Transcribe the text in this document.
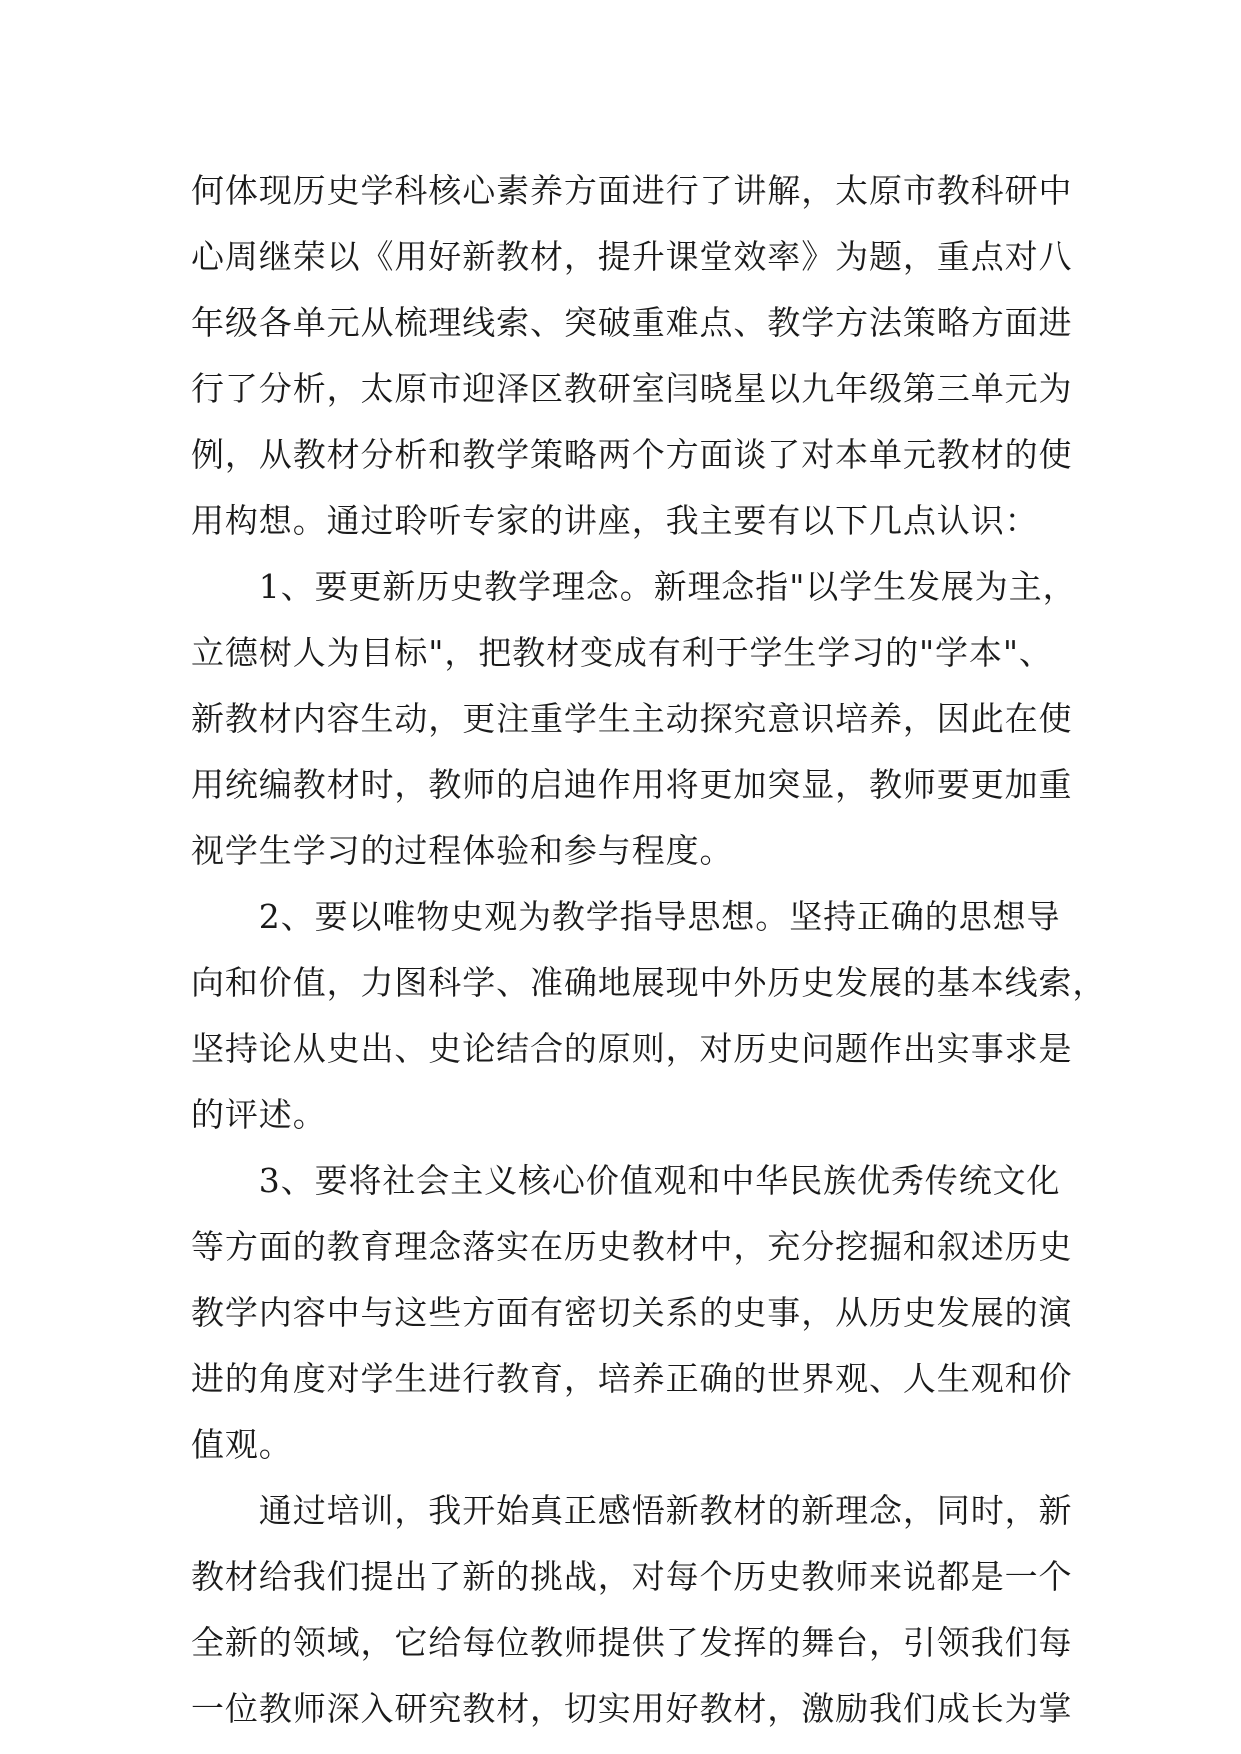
何体现历史学科核心素养方面进行了讲解，太原市教科研中
心周继荣以《用好新教材，提升课堂效率》为题，重点对八
年级各单元从梳理线索、突破重难点、教学方法策略方面进
行了分析，太原市迎泽区教研室闫晓星以九年级第三单元为
例，从教材分析和教学策略两个方面谈了对本单元教材的使
用构想。通过聆听专家的讲座，我主要有以下几点认识：
　　1、要更新历史教学理念。新理念指"以学生发展为主，
立德树人为目标"，把教材变成有利于学生学习的"学本"、
新教材内容生动，更注重学生主动探究意识培养，因此在使
用统编教材时，教师的启迪作用将更加突显，教师要更加重
视学生学习的过程体验和参与程度。
　　2、要以唯物史观为教学指导思想。坚持正确的思想导
向和价值，力图科学、准确地展现中外历史发展的基本线索，
坚持论从史出、史论结合的原则，对历史问题作出实事求是
的评述。
　　3、要将社会主义核心价值观和中华民族优秀传统文化
等方面的教育理念落实在历史教材中，充分挖掘和叙述历史
教学内容中与这些方面有密切关系的史事，从历史发展的演
进的角度对学生进行教育，培养正确的世界观、人生观和价
值观。
　　通过培训，我开始真正感悟新教材的新理念，同时，新
教材给我们提出了新的挑战，对每个历史教师来说都是一个
全新的领域，它给每位教师提供了发挥的舞台，引领我们每
一位教师深入研究教材，切实用好教材，激励我们成长为掌
